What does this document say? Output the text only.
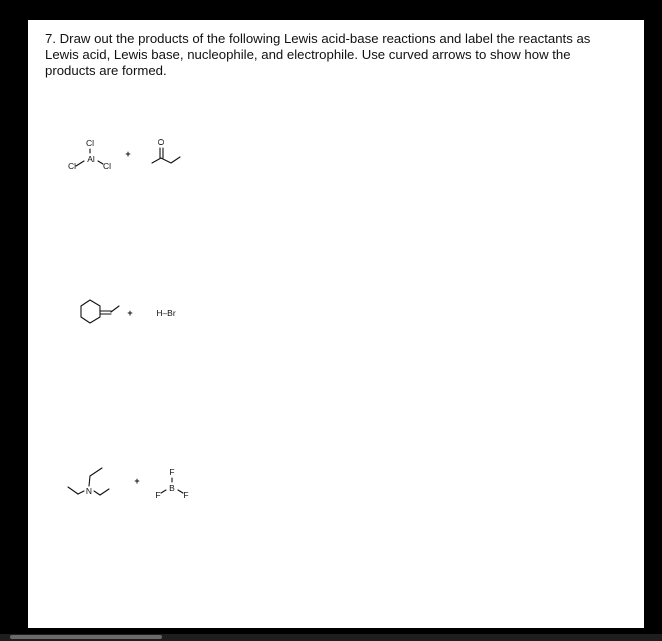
7. Draw out the products of the following Lewis acid-base reactions and label the reactants as Lewis acid, Lewis base, nucleophile, and electrophile. Use curved arrows to show how the products are formed.
Cl
Al
Cl	Cl
+
O
+	H–Br
N
+
F
B
F	F
